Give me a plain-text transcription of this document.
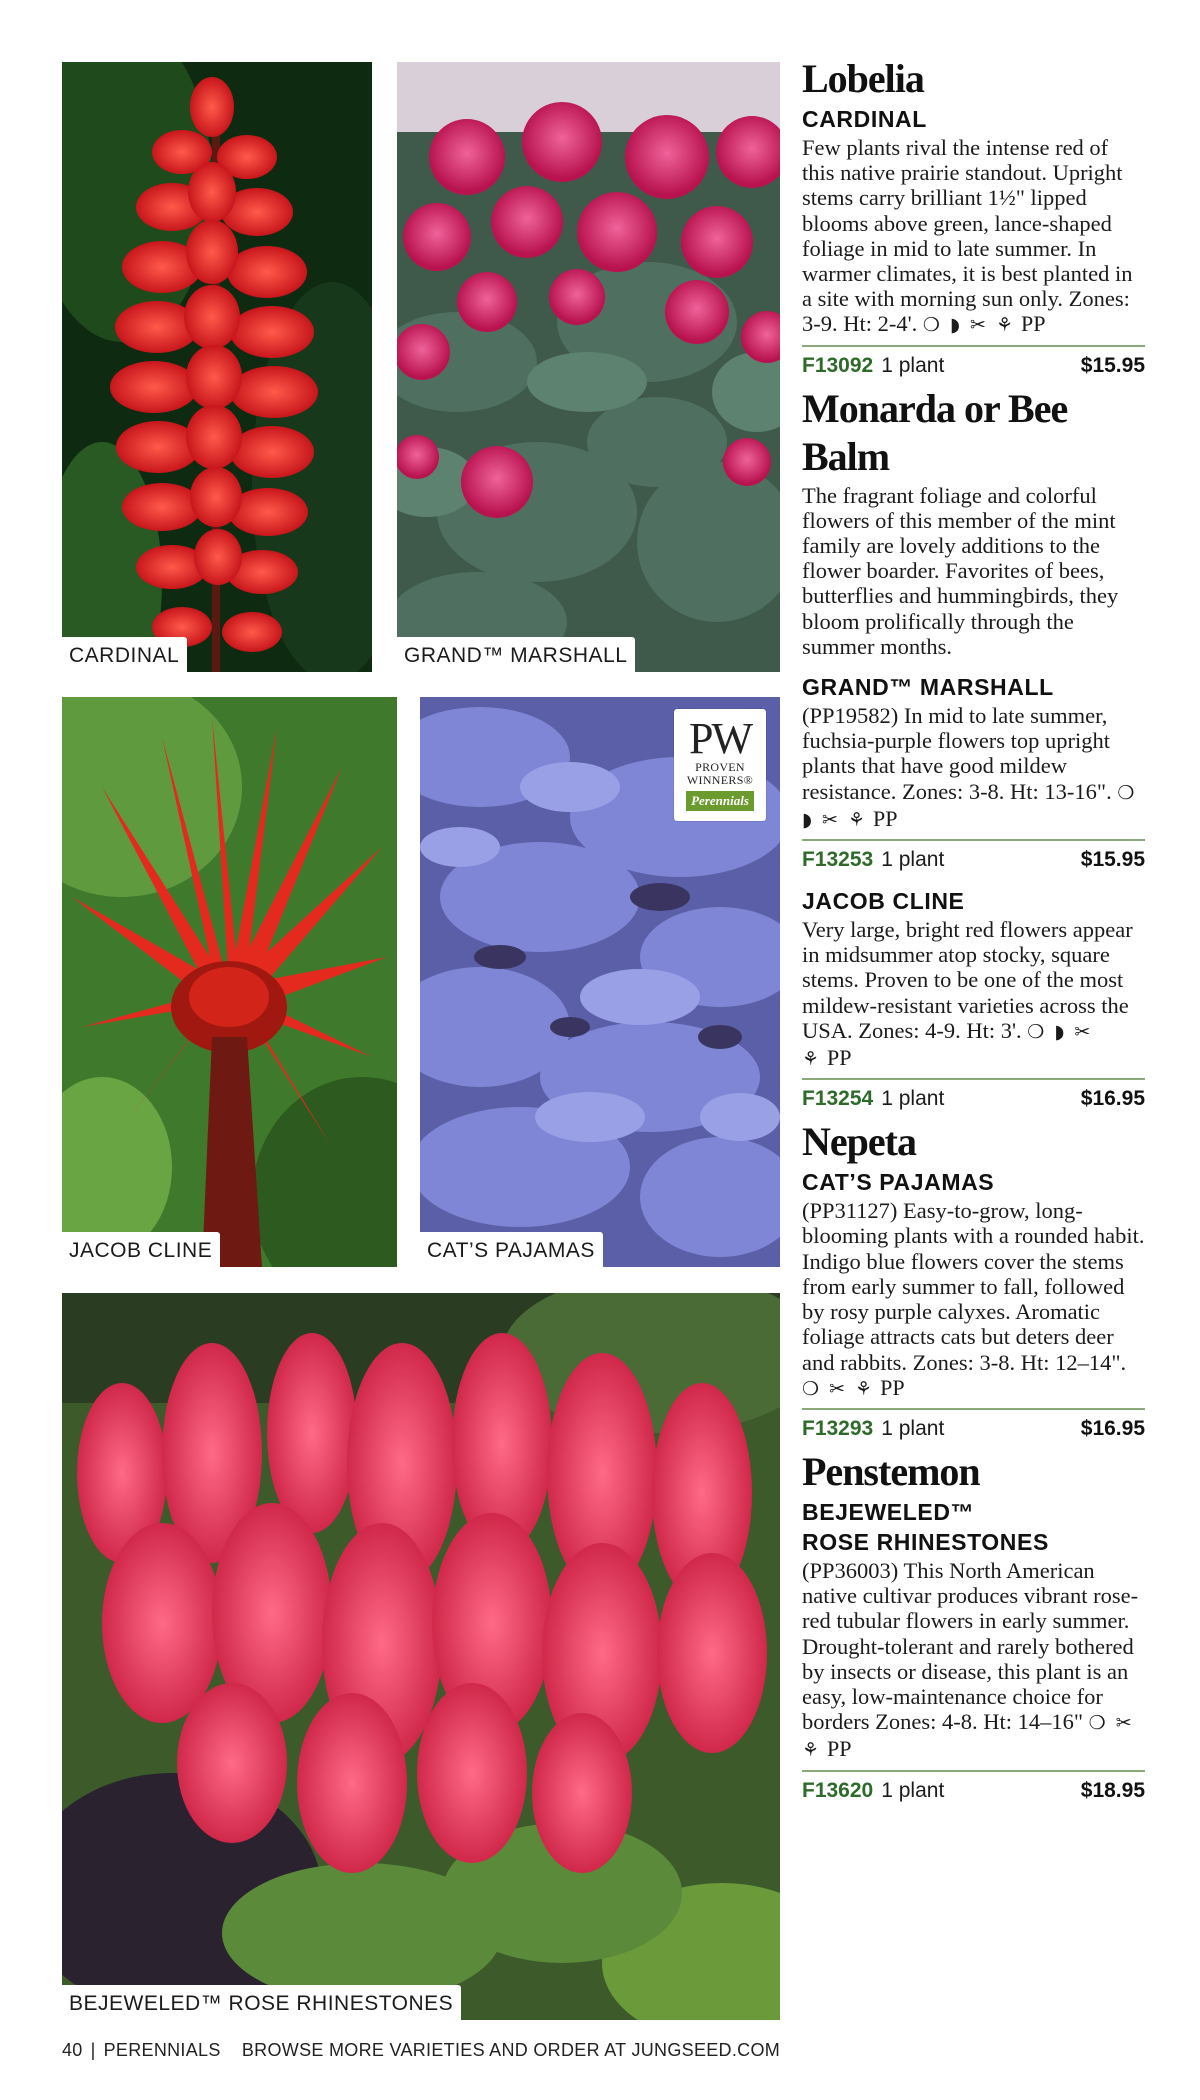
CARDINAL	GRAND™ MARSHALL
JACOB CLINE
PW
PROVEN
WINNERS®
Perennials
CAT’S PAJAMAS
BEJEWELED™ ROSE RHINESTONES
Lobelia
CARDINAL

Few plants rival the intense red of this native prairie standout. Upright stems carry brilliant 1½" lipped blooms above green, lance-shaped foliage in mid to late summer. In warmer climates, it is best planted in a site with morning sun only. Zones: 3-9. Ht: 2-4'. ❍ ◗ ✂ ⚘ PP

F13092 1 plant	$15.95
Monarda or Bee Balm

The fragrant foliage and colorful flowers of this member of the mint family are lovely additions to the flower boarder. Favorites of bees, butterflies and hummingbirds, they bloom prolifically through the summer months.

GRAND™ MARSHALL

(PP19582) In mid to late summer, fuchsia-purple flowers top upright plants that have good mildew resistance. Zones: 3-8. Ht: 13-16". ❍ ◗ ✂ ⚘ PP

F13253 1 plant	$15.95
JACOB CLINE

Very large, bright red flowers appear in midsummer atop stocky, square stems. Proven to be one of the most mildew-resistant varieties across the USA. Zones: 4-9. Ht: 3'. ❍ ◗ ✂ ⚘ PP

F13254 1 plant	$16.95
Nepeta
CAT’S PAJAMAS

(PP31127) Easy-to-grow, long-blooming plants with a rounded habit. Indigo blue flowers cover the stems from early summer to fall, followed by rosy purple calyxes. Aromatic foliage attracts cats but deters deer and rabbits. Zones: 3-8. Ht: 12–14". ❍ ✂ ⚘ PP

F13293 1 plant	$16.95
Penstemon
BEJEWELED™
ROSE RHINESTONES

(PP36003) This North American native cultivar produces vibrant rose-red tubular flowers in early summer. Drought-tolerant and rarely bothered by insects or disease, this plant is an easy, low-maintenance choice for borders Zones: 4-8. Ht: 14–16" ❍ ✂ ⚘ PP

F13620 1 plant	$18.95
40 | PERENNIALS BROWSE MORE VARIETIES AND ORDER AT JUNGSEED.COM
